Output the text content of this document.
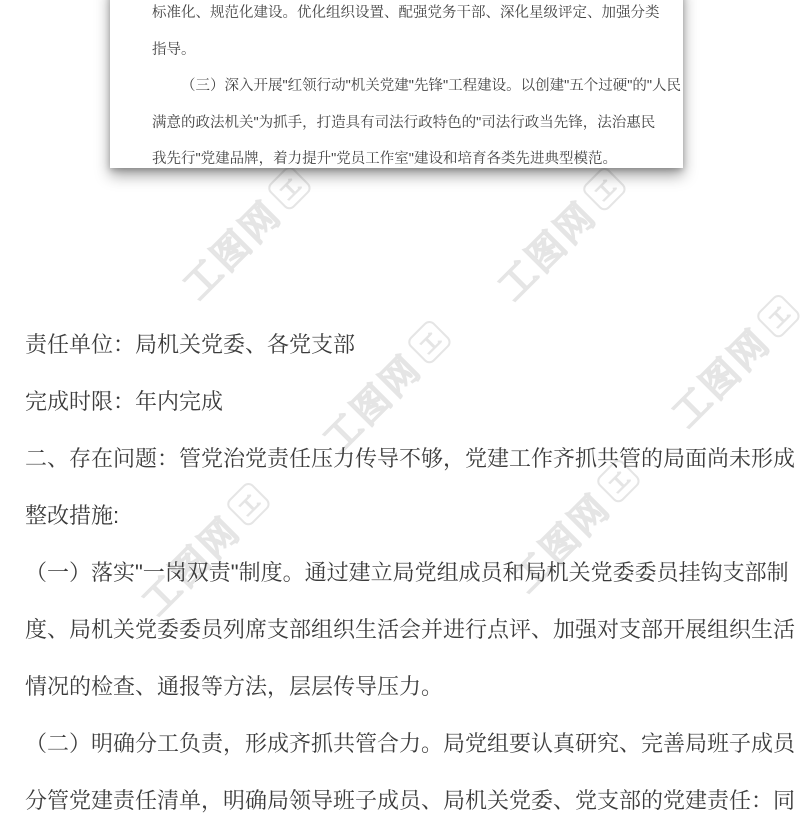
工图网
工
工图网
工
工图网
工	工图网
工
工图网
工	工图网
工
标准化、规范化建设。优化组织设置、配强党务干部、深化星级评定、加强分类
指导。
（三）深入开展"红领行动"机关党建"先锋"工程建设。以创建"五个过硬"的"人民
满意的政法机关"为抓手，打造具有司法行政特色的"司法行政当先锋，法治惠民
我先行"党建品牌，着力提升"党员工作室"建设和培育各类先进典型模范。
责任单位：局机关党委、各党支部
完成时限：年内完成
二、存在问题：管党治党责任压力传导不够，党建工作齐抓共管的局面尚未形成
整改措施:
（一）落实"一岗双责"制度。通过建立局党组成员和局机关党委委员挂钩支部制
度、局机关党委委员列席支部组织生活会并进行点评、加强对支部开展组织生活
情况的检查、通报等方法，层层传导压力。
（二）明确分工负责，形成齐抓共管合力。局党组要认真研究、完善局班子成员
分管党建责任清单，明确局领导班子成员、局机关党委、党支部的党建责任：同
